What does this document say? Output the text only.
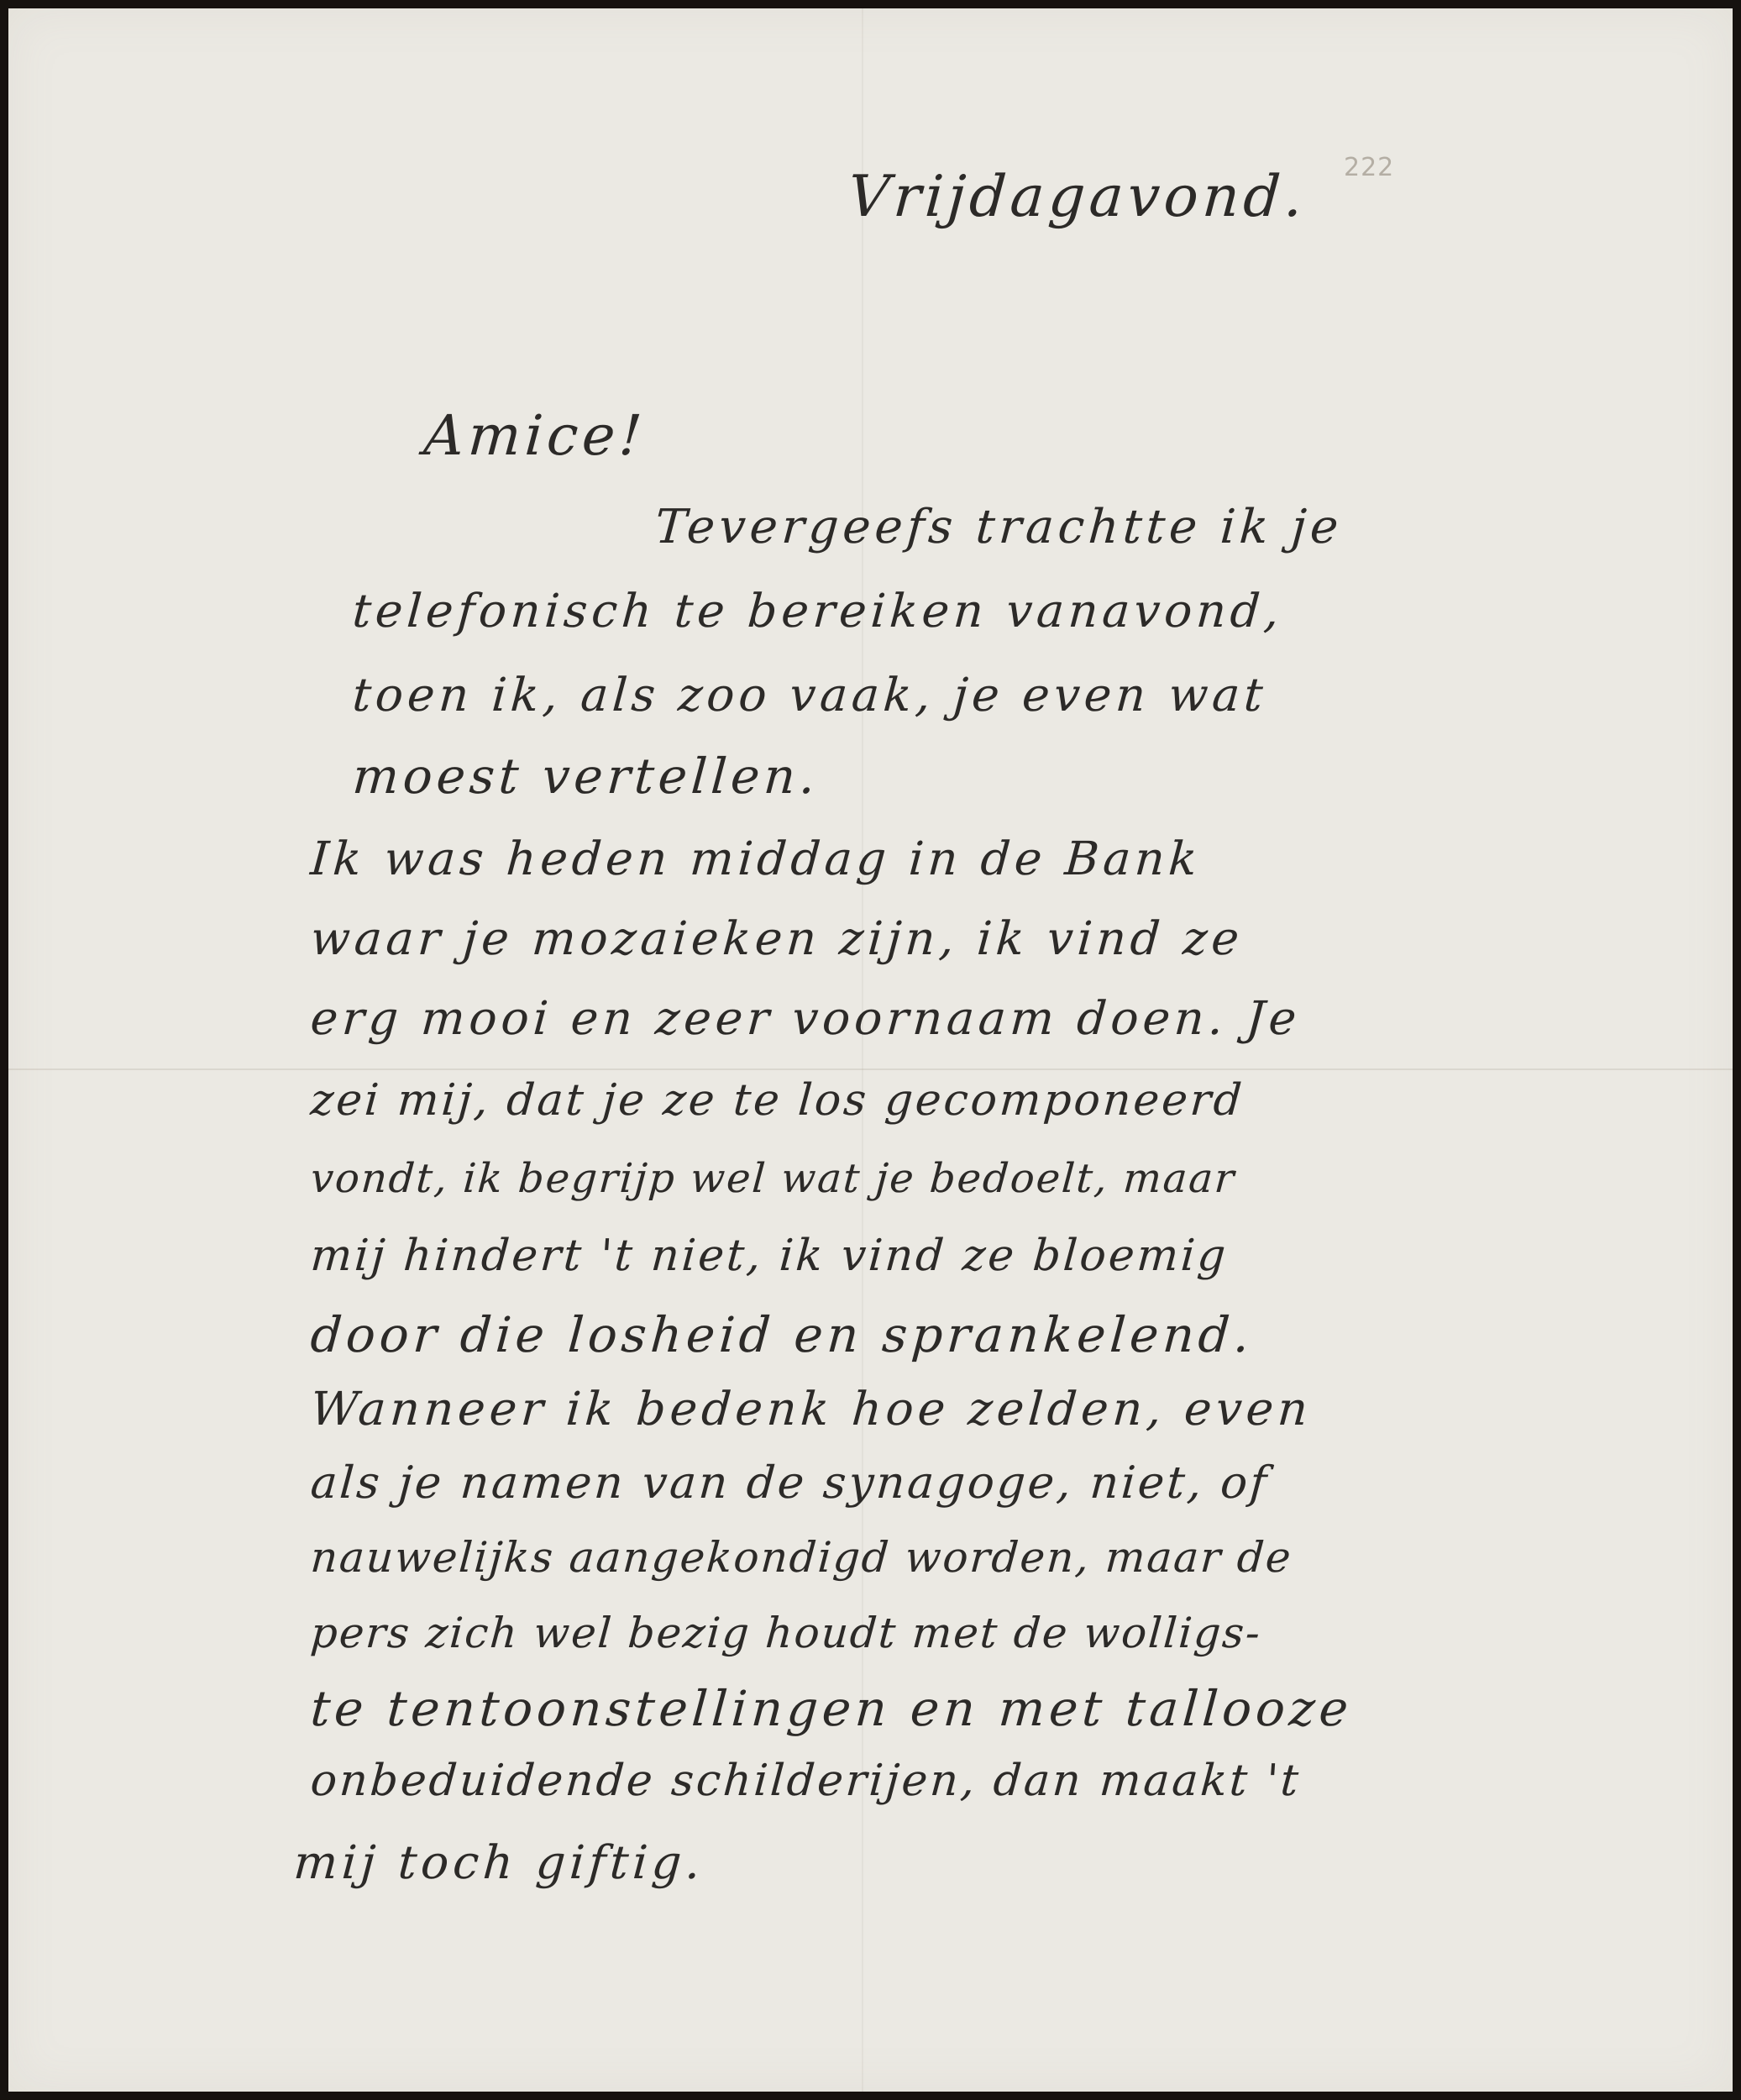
222
Vrijdagavond.
Amice!
Tevergeefs trachtte ik je
telefonisch te bereiken vanavond,
toen ik, als zoo vaak, je even wat
moest vertellen.
Ik was heden middag in de Bank
waar je mozaieken zijn, ik vind ze
erg mooi en zeer voornaam doen. Je
zei mij, dat je ze te los gecomponeerd
vondt, ik begrijp wel wat je bedoelt, maar
mij hindert 't niet, ik vind ze bloemig
door die losheid en sprankelend.
Wanneer ik bedenk hoe zelden, even
als je namen van de synagoge, niet, of
nauwelijks aangekondigd worden, maar de
pers zich wel bezig houdt met de wolligs-
te tentoonstellingen en met tallooze
onbeduidende schilderijen, dan maakt 't
mij toch giftig.
